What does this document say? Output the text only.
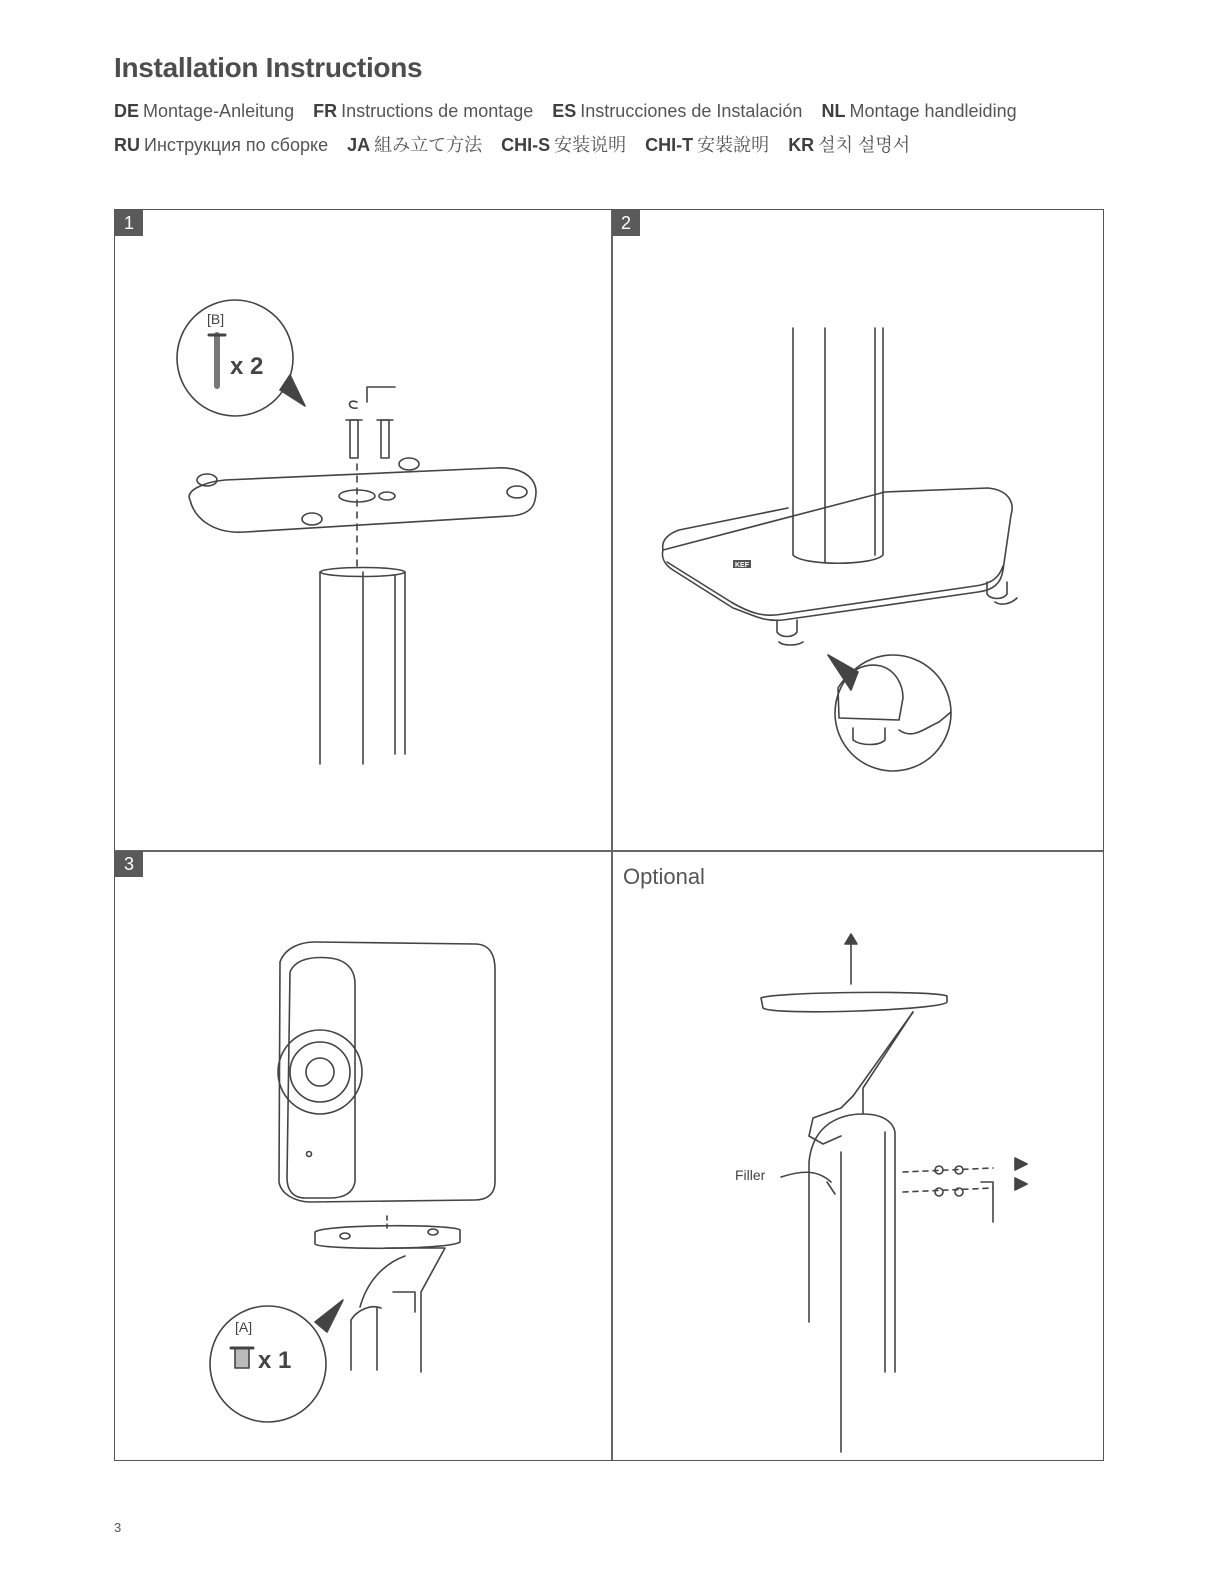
Installation Instructions
DE Montage-Anleitung FR Instructions de montage ES Instrucciones de Instalación NL Montage handleiding
RU Инструкция по сборке JA 組み立て方法 CHI-S 安装说明 CHI-T 安裝說明 KR 설치 설명서
1	2
3	Optional
[B]
x 2
KEF
[A]
x 1
Filler
3
